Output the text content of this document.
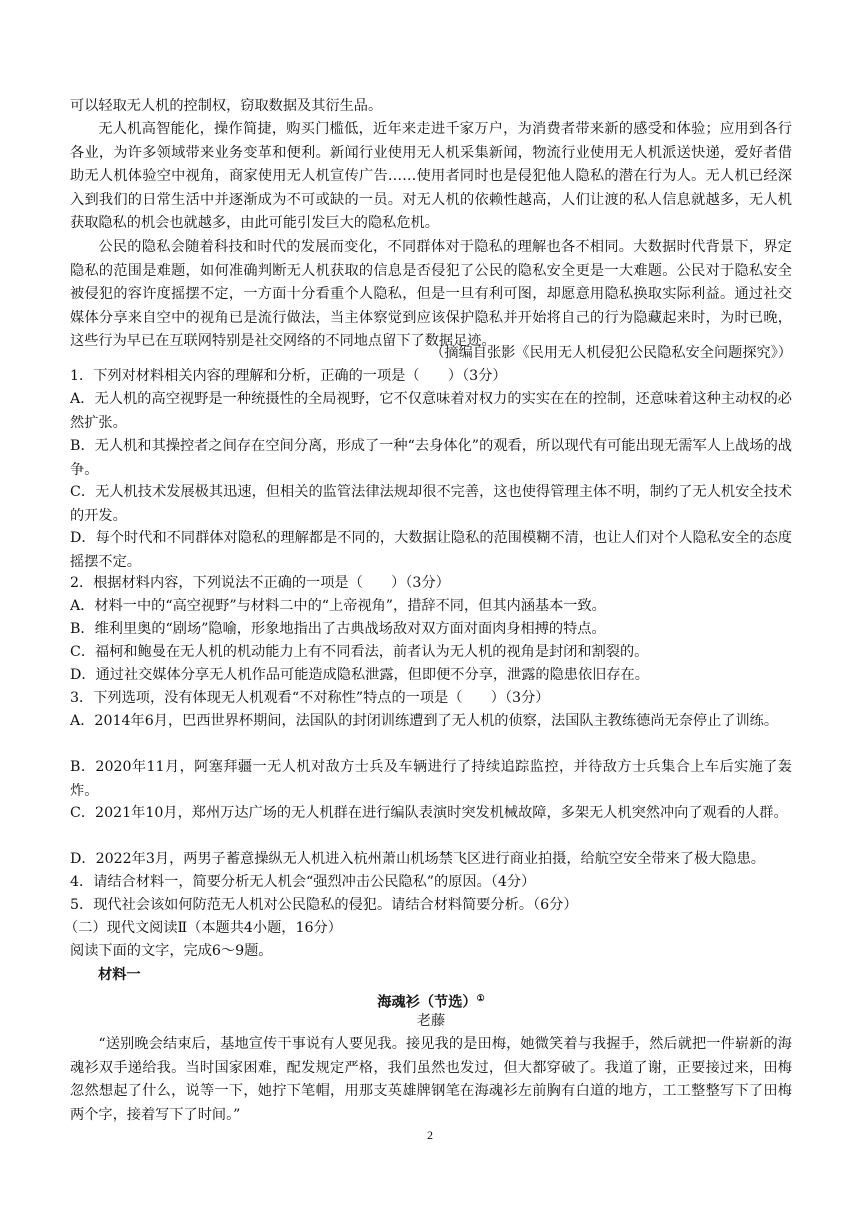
可以轻取无人机的控制权，窃取数据及其衍生品。

无人机高智能化，操作简捷，购买门槛低，近年来走进千家万户，为消费者带来新的感受和体验；应用到各行各业，为许多领域带来业务变革和便利。新闻行业使用无人机采集新闻，物流行业使用无人机派送快递，爱好者借助无人机体验空中视角，商家使用无人机宣传广告……使用者同时也是侵犯他人隐私的潜在行为人。无人机已经深入到我们的日常生活中并逐渐成为不可或缺的一员。对无人机的依赖性越高，人们让渡的私人信息就越多，无人机获取隐私的机会也就越多，由此可能引发巨大的隐私危机。

公民的隐私会随着科技和时代的发展而变化，不同群体对于隐私的理解也各不相同。大数据时代背景下，界定隐私的范围是难题，如何准确判断无人机获取的信息是否侵犯了公民的隐私安全更是一大难题。公民对于隐私安全被侵犯的容许度摇摆不定，一方面十分看重个人隐私，但是一旦有利可图，却愿意用隐私换取实际利益。通过社交媒体分享来自空中的视角已是流行做法，当主体察觉到应该保护隐私并开始将自己的行为隐藏起来时，为时已晚，这些行为早已在互联网特别是社交网络的不同地点留下了数据足迹。

（摘编自张影《民用无人机侵犯公民隐私安全问题探究》）

1．下列对材料相关内容的理解和分析，正确的一项是（　　）（3分）

A．无人机的高空视野是一种统摄性的全局视野，它不仅意味着对权力的实实在在的控制，还意味着这种主动权的必然扩张。

B．无人机和其操控者之间存在空间分离，形成了一种“去身体化”的观看，所以现代有可能出现无需军人上战场的战争。

C．无人机技术发展极其迅速，但相关的监管法律法规却很不完善，这也使得管理主体不明，制约了无人机安全技术的开发。

D．每个时代和不同群体对隐私的理解都是不同的，大数据让隐私的范围模糊不清，也让人们对个人隐私安全的态度摇摆不定。

2．根据材料内容，下列说法不正确的一项是（　　）（3分）

A．材料一中的“高空视野”与材料二中的“上帝视角”，措辞不同，但其内涵基本一致。

B．维利里奥的“剧场”隐喻，形象地指出了古典战场敌对双方面对面肉身相搏的特点。

C．福柯和鲍曼在无人机的机动能力上有不同看法，前者认为无人机的视角是封闭和割裂的。

D．通过社交媒体分享无人机作品可能造成隐私泄露，但即便不分享，泄露的隐患依旧存在。

3．下列选项，没有体现无人机观看“不对称性”特点的一项是（　　）（3分）

A．2014年6月，巴西世界杯期间，法国队的封闭训练遭到了无人机的侦察，法国队主教练德尚无奈停止了训练。

B．2020年11月，阿塞拜疆一无人机对敌方士兵及车辆进行了持续追踪监控，并待敌方士兵集合上车后实施了轰炸。

C．2021年10月，郑州万达广场的无人机群在进行编队表演时突发机械故障，多架无人机突然冲向了观看的人群。

D．2022年3月，两男子蓄意操纵无人机进入杭州萧山机场禁飞区进行商业拍摄，给航空安全带来了极大隐患。

4．请结合材料一，简要分析无人机会“强烈冲击公民隐私”的原因。（4分）

5．现代社会该如何防范无人机对公民隐私的侵犯。请结合材料简要分析。（6分）

（二）现代文阅读Ⅱ（本题共4小题，16分）

阅读下面的文字，完成6～9题。

材料一

海魂衫（节选）①

老藤

“送别晚会结束后，基地宣传干事说有人要见我。接见我的是田梅，她微笑着与我握手，然后就把一件崭新的海魂衫双手递给我。当时国家困难，配发规定严格，我们虽然也发过，但大都穿破了。我道了谢，正要接过来，田梅忽然想起了什么，说等一下，她拧下笔帽，用那支英雄牌钢笔在海魂衫左前胸有白道的地方，工工整整写下了田梅两个字，接着写下了时间。”

2
